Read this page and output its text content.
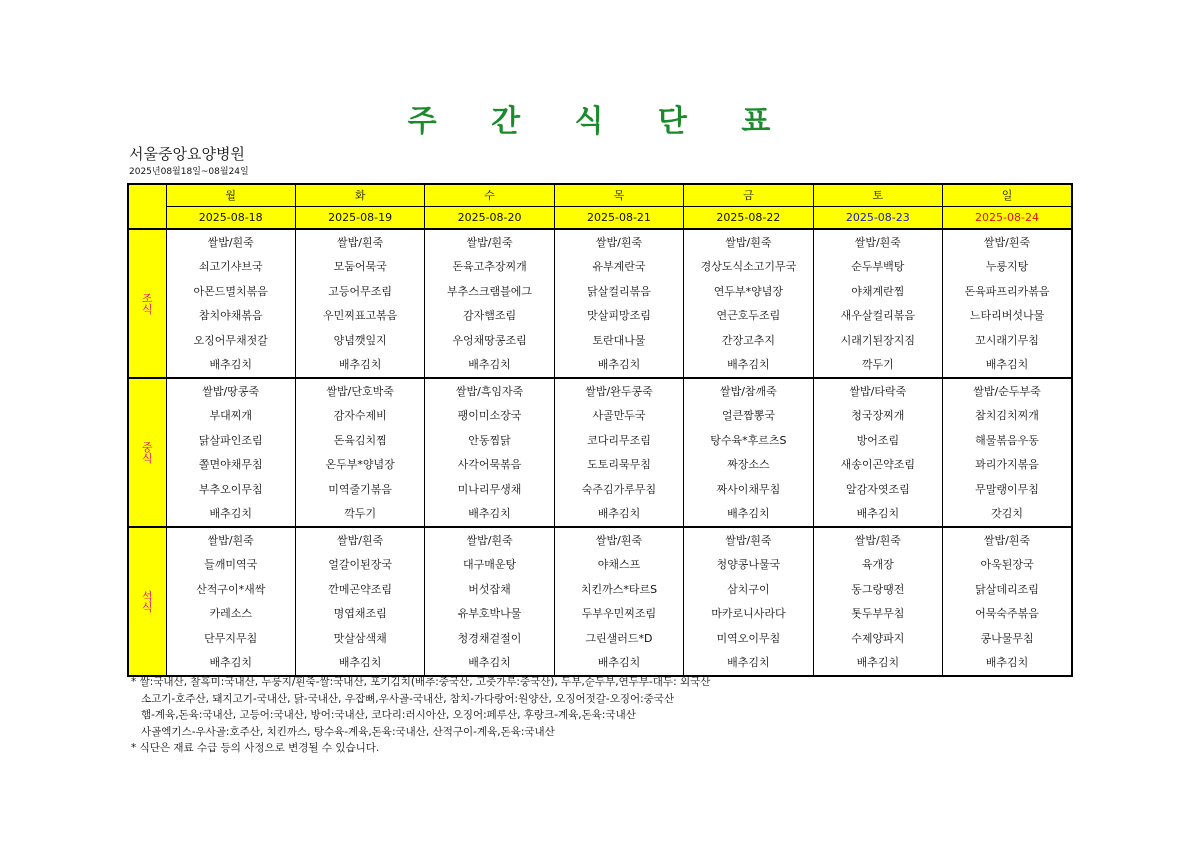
주 간 식 단 표
서울중앙요양병원
2025년08월18일~08월24일
	월	화	수	목	금	토	일
	2025-08-18	2025-08-19	2025-08-20	2025-08-21	2025-08-22	2025-08-23	2025-08-24

조
식	쌀밥/흰죽	쌀밥/흰죽	쌀밥/흰죽	쌀밥/흰죽	쌀밥/흰죽	쌀밥/흰죽	쌀밥/흰죽
	쇠고기샤브국	모둠어묵국	돈육고추장찌개	유부계란국	경상도식소고기무국	순두부백탕	누룽지탕
	아몬드멸치볶음	고등어무조림	부추스크램블에그	닭살컬리볶음	연두부*양념장	야채계란찜	돈육파프리카볶음
	참치야채볶음	우민찌표고볶음	감자햄조림	맛살피망조림	연근호두조림	새우살컬리볶음	느타리버섯나물
	오징어무채젓갈	양념깻잎지	우엉채땅콩조림	토란대나물	간장고추지	시래기된장지짐	꼬시래기무침
	배추김치	배추김치	배추김치	배추김치	배추김치	깍두기	배추김치

중
식	쌀밥/땅콩죽	쌀밥/단호박죽	쌀밥/흑임자죽	쌀밥/완두콩죽	쌀밥/참깨죽	쌀밥/타락죽	쌀밥/순두부죽
	부대찌개	감자수제비	팽이미소장국	사골만두국	얼큰짬뽕국	청국장찌개	참치김치찌개
	닭살파인조림	돈육김치찜	안동찜닭	코다리무조림	탕수육*후르츠S	방어조림	해물볶음우동
	쫄면야채무침	온두부*양념장	사각어묵볶음	도토리묵무침	짜장소스	새송이곤약조림	꽈리가지볶음
	부추오이무침	미역줄기볶음	미나리무생채	숙주김가루무침	짜사이채무침	알감자엿조림	무말랭이무침
	배추김치	깍두기	배추김치	배추김치	배추김치	배추김치	갓김치

석
식	쌀밥/흰죽	쌀밥/흰죽	쌀밥/흰죽	쌀밥/흰죽	쌀밥/흰죽	쌀밥/흰죽	쌀밥/흰죽
	들깨미역국	얼갈이된장국	대구매운탕	야채스프	청양콩나물국	육개장	아욱된장국
	산적구이*새싹	깐메곤약조림	버섯잡채	치킨까스*타르S	삼치구이	동그랑땡전	닭살데리조림
	카레소스	명엽채조림	유부호박나물	두부우민찌조림	마카로니사라다	톳두부무침	어묵숙주볶음
	단무지무침	맛살삼색채	청경채겉절이	그린샐러드*D	미역오이무침	수제양파지	콩나물무침
	배추김치	배추김치	배추김치	배추김치	배추김치	배추김치	배추김치
* 쌀:국내산, 찰흑미:국내산, 누룽지/흰죽-쌀:국내산, 포기김치(배추:중국산, 고춧가루:중국산), 두부,순두부,연두부-대두: 외국산
소고기-호주산, 돼지고기-국내산, 닭-국내산, 우잡뼈,우사골-국내산, 참치-가다랑어:원양산, 오징어젓갈-오징어:중국산
햄-계육,돈육:국내산, 고등어:국내산, 방어:국내산, 코다리:러시아산, 오징어:페루산, 후랑크-계육,돈육:국내산
사골엑기스-우사골:호주산, 치킨까스, 탕수육-계육,돈육:국내산, 산적구이-계육,돈육:국내산
* 식단은 재료 수급 등의 사정으로 변경될 수 있습니다.
